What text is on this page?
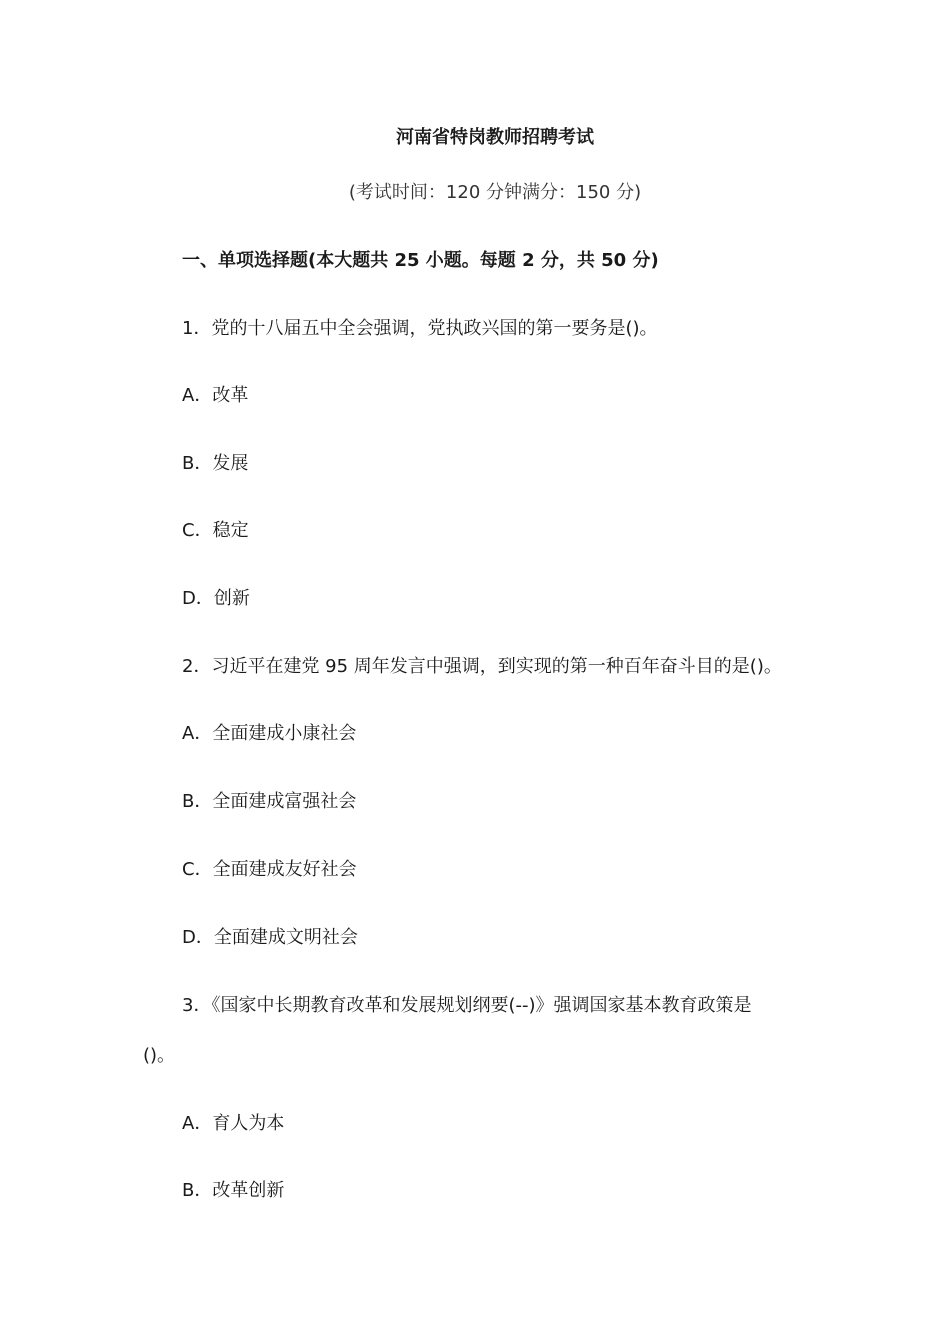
河南省特岗教师招聘考试
(考试时间：120 分钟满分：150 分)
一、单项选择题(本大题共 25 小题。每题 2 分，共 50 分)
1．党的十八届五中全会强调，党执政兴国的第一要务是()。
A．改革
B．发展
C．稳定
D．创新
2．习近平在建党 95 周年发言中强调，到实现的第一种百年奋斗目的是()。
A．全面建成小康社会
B．全面建成富强社会
C．全面建成友好社会
D．全面建成文明社会
3．《国家中长期教育改革和发展规划纲要(--)》强调国家基本教育政策是
()。
A．育人为本
B．改革创新
